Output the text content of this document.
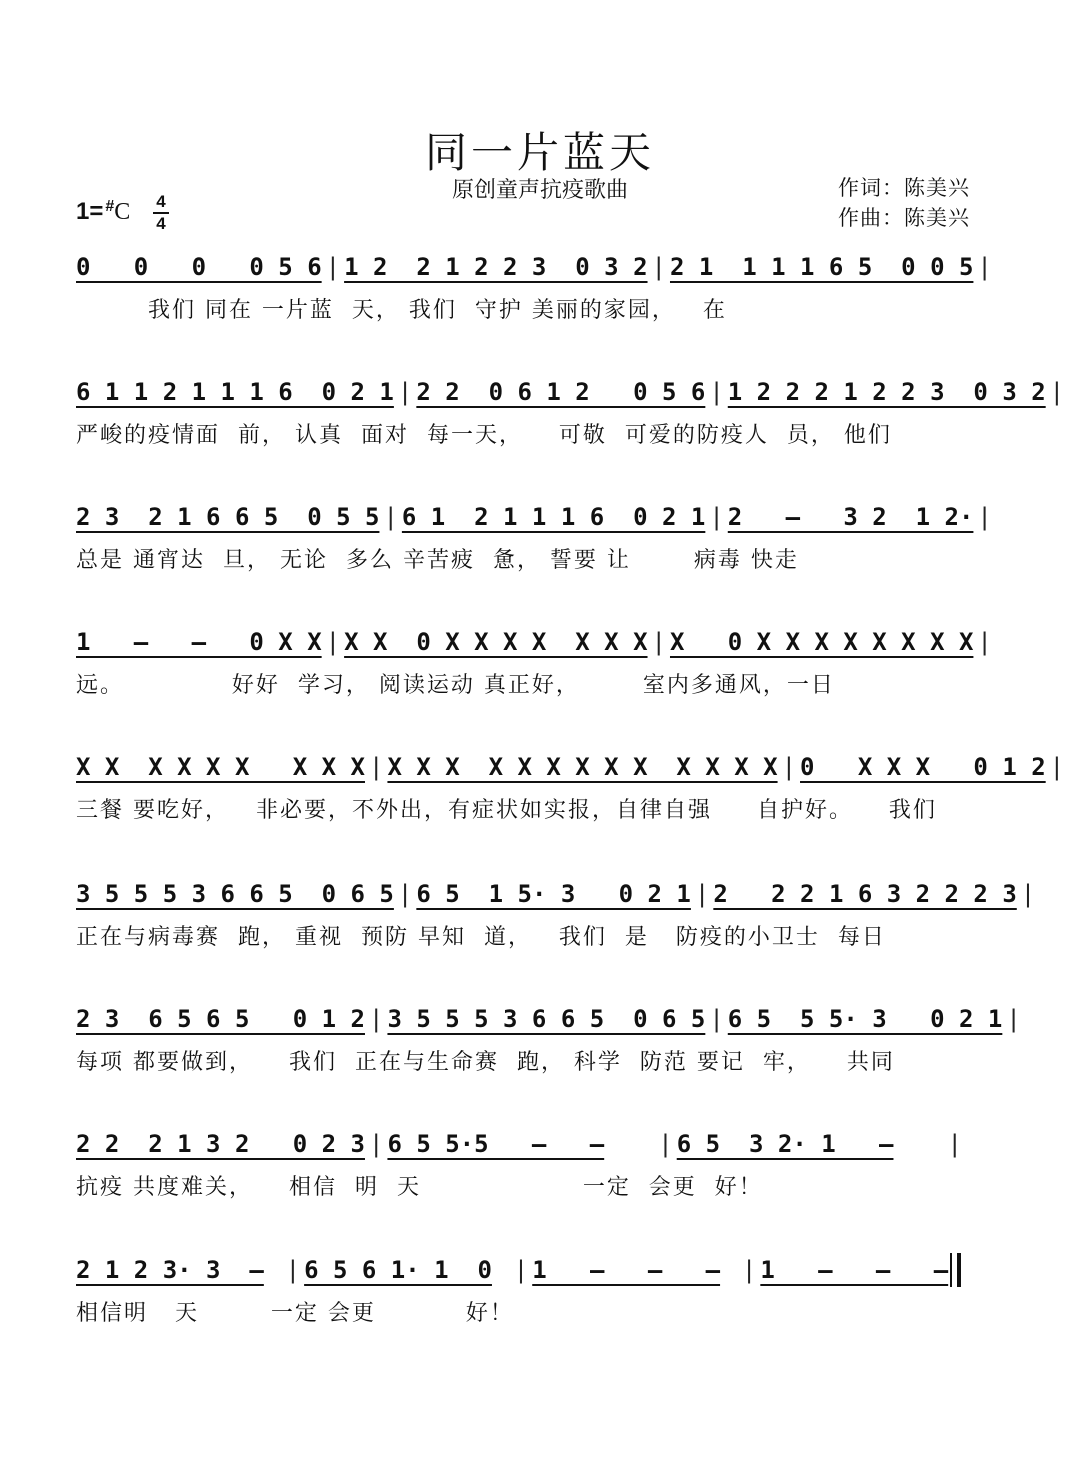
同一片蓝天
原创童声抗疫歌曲	作词：陈美兴
作曲：陈美兴
1= #C 4
4
0   0   0   0 5 6 | 1 2  2 1 2 2 3  0 3 2 | 2 1  1 1 1 6 5  0 0 5 |
我们 同在 一片蓝  天， 我们  守护 美丽的家园，   在
6 1 1 2 1 1 1 6  0 2 1 | 2 2  0 6 1 2   0 5 6 | 1 2 2 2 1 2 2 3  0 3 2 |
严峻的疫情面  前， 认真  面对  每一天，    可敬  可爱的防疫人  员， 他们
2 3  2 1 6 6 5  0 5 5 | 6 1  2 1 1 1 6  0 2 1 | 2   –   3 2  1 2· |
总是 通宵达  旦， 无论  多么 辛苦疲  惫， 誓要 让       病毒 快走
1   –   –   0 X X | X X  0 X X X X  X X X | X   0 X X X X X X X X |
远。            好好  学习， 阅读运动 真正好，       室内多通风，一日
X X  X X X X   X X X | X X X  X X X X X X  X X X X | 0   X X X   0 1 2 |
三餐 要吃好，   非必要，不外出，有症状如实报，自律自强     自护好。    我们
3 5 5 5 3 6 6 5  0 6 5 | 6 5  1 5· 3   0 2 1 | 2   2 2 1 6 3 2 2 2 3 |
正在与病毒赛  跑， 重视  预防 早知  道，   我们  是   防疫的小卫士  每日
2 3  6 5 6 5   0 1 2 | 3 5 5 5 3 6 6 5  0 6 5 | 6 5  5 5· 3   0 2 1 |
每项 都要做到，    我们  正在与生命赛  跑， 科学  防范 要记  牢，    共同
2 2  2 1 3 2   0 2 3 | 6 5 5·5   –   –	| 6 5  3 2· 1   –	|
抗疫 共度难关，    相信  明  天                  一定  会更  好！
2 1 2 3· 3  – | 6 5 6 1· 1  0 | 1   –   –   – | 1   –   –   –
相信明   天        一定 会更          好！
